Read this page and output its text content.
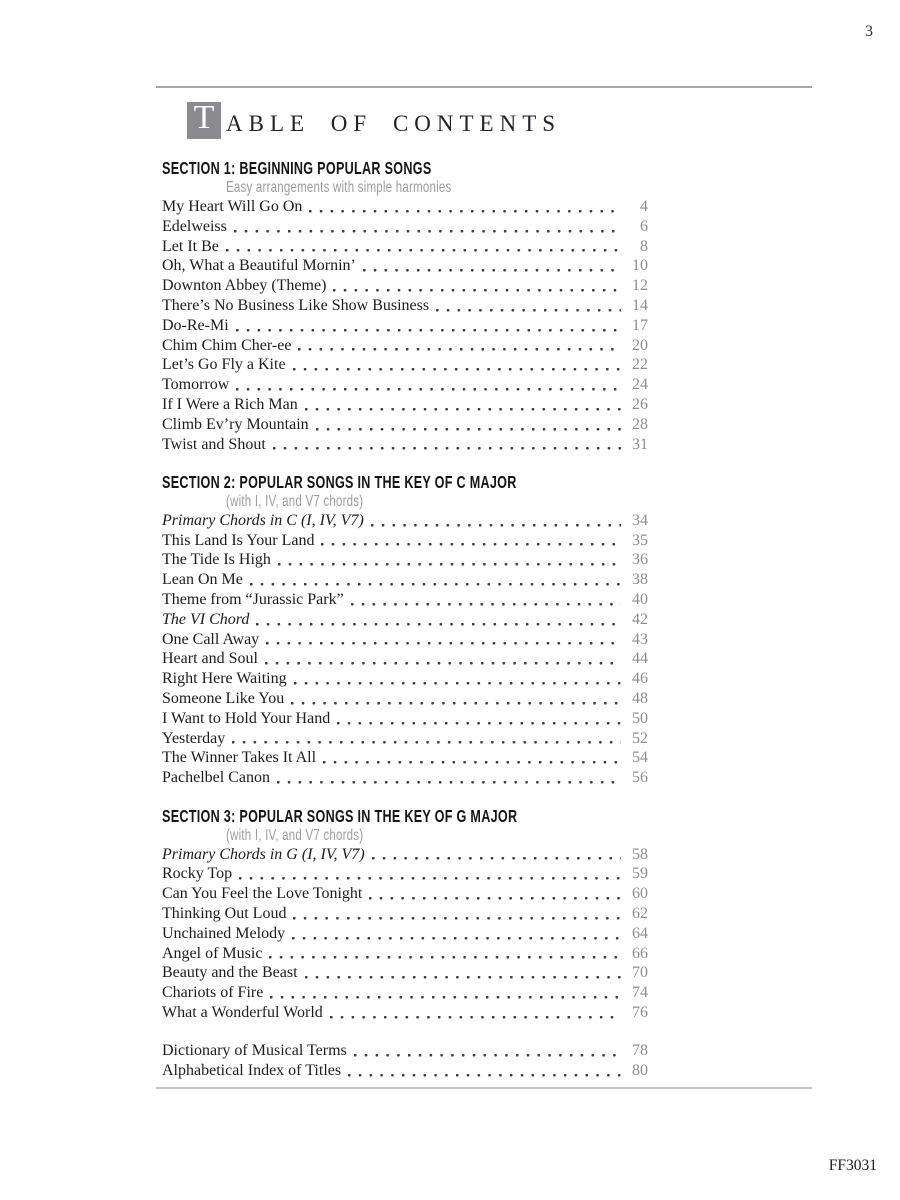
3
T ABLE OF CONTENTS
SECTION 1: BEGINNING POPULAR SONGS
Easy arrangements with simple harmonies
My Heart Will Go On	4
Edelweiss	6
Let It Be	8
Oh, What a Beautiful Mornin’	10
Downton Abbey (Theme)	12
There’s No Business Like Show Business	14
Do-Re-Mi	17
Chim Chim Cher-ee	20
Let’s Go Fly a Kite	22
Tomorrow	24
If I Were a Rich Man	26
Climb Ev’ry Mountain	28
Twist and Shout	31
SECTION 2: POPULAR SONGS IN THE KEY OF C MAJOR
(with I, IV, and V7 chords)
Primary Chords in C (I, IV, V7)	34
This Land Is Your Land	35
The Tide Is High	36
Lean On Me	38
Theme from “Jurassic Park”	40
The VI Chord	42
One Call Away	43
Heart and Soul	44
Right Here Waiting	46
Someone Like You	48
I Want to Hold Your Hand	50
Yesterday	52
The Winner Takes It All	54
Pachelbel Canon	56
SECTION 3: POPULAR SONGS IN THE KEY OF G MAJOR
(with I, IV, and V7 chords)
Primary Chords in G (I, IV, V7)	58
Rocky Top	59
Can You Feel the Love Tonight	60
Thinking Out Loud	62
Unchained Melody	64
Angel of Music	66
Beauty and the Beast	70
Chariots of Fire	74
What a Wonderful World	76
Dictionary of Musical Terms	78
Alphabetical Index of Titles	80
FF3031
